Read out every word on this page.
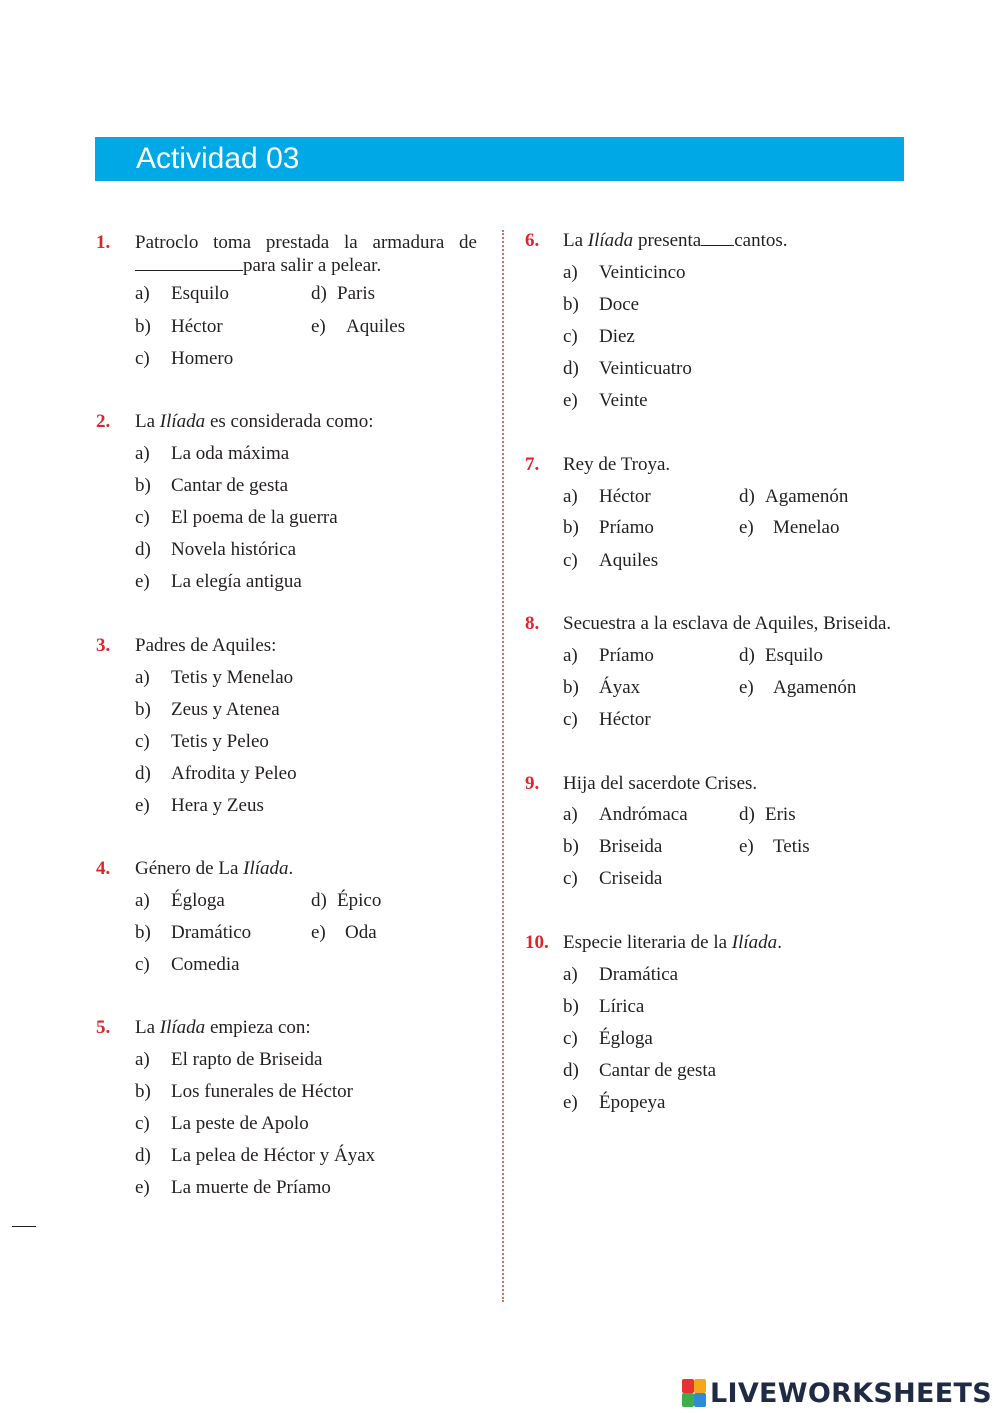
Actividad 03
1. Patroclo toma prestada la armadura depara salir a pelear.
a) Esquilo	d) Paris
b) Héctor	e) Aquiles
c) Homero
2. La Ilíada es considerada como:
a) La oda máxima
b) Cantar de gesta
c) El poema de la guerra
d) Novela histórica
e) La elegía antigua
3. Padres de Aquiles:
a) Tetis y Menelao
b) Zeus y Atenea
c) Tetis y Peleo
d) Afrodita y Peleo
e) Hera y Zeus
4. Género de La Ilíada.
a) Égloga	d) Épico
b) Dramático	e) Oda
c) Comedia
5. La Ilíada empieza con:
a) El rapto de Briseida
b) Los funerales de Héctor
c) La peste de Apolo
d) La pelea de Héctor y Áyax
e) La muerte de Príamo
6. La Ilíada presenta cantos.
a) Veinticinco
b) Doce
c) Diez
d) Veinticuatro
e) Veinte
7. Rey de Troya.
a) Héctor	d) Agamenón
b) Príamo	e) Menelao
c) Aquiles
8. Secuestra a la esclava de Aquiles, Briseida.
a) Príamo	d) Esquilo
b) Áyax	e) Agamenón
c) Héctor
9. Hija del sacerdote Crises.
a) Andrómaca	d) Eris
b) Briseida	e) Tetis
c) Criseida
10. Especie literaria de la Ilíada.
a) Dramática
b) Lírica
c) Égloga
d) Cantar de gesta
e) Épopeya
LIVEWORKSHEETS
